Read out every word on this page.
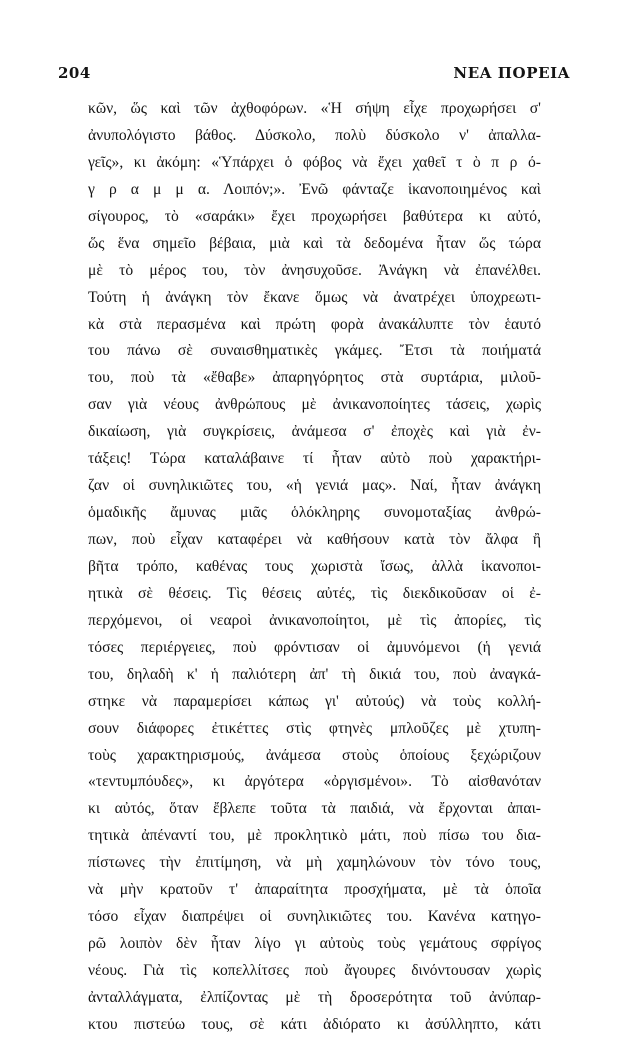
204	ΝΕΑ ΠΟΡΕΙΑ
κῶν, ὥς καὶ τῶν ἀχθοφόρων. «Ἡ σήψη εἶχε προχωρήσει σ'
ἀνυπολόγιστο βάθος. Δύσκολο, πολὺ δύσκολο ν' ἀπαλλα-
γεῖς», κι ἀκόμη: «Ὑπάρχει ὁ φόβος νὰ ἔχει χαθεῖ τ ὸ π ρ ό-
γ ρ α μ μ α. Λοιπόν;». Ἐνῶ φάνταζε ἱκανοποιημένος καὶ
σίγουρος, τὸ «σαράκι» ἔχει προχωρήσει βαθύτερα κι αὐτό,
ὥς ἕνα σημεῖο βέβαια, μιὰ καὶ τὰ δεδομένα ἦταν ὥς τώρα
μὲ τὸ μέρος του, τὸν ἀνησυχοῦσε. Ἀνάγκη νὰ ἐπανέλθει.
Τούτη ἡ ἀνάγκη τὸν ἔκανε ὅμως νὰ ἀνατρέχει ὑποχρεωτι-
κὰ στὰ περασμένα καὶ πρώτη φορὰ ἀνακάλυπτε τὸν ἑαυτό
του πάνω σὲ συναισθηματικὲς γκάμες. Ἔτσι τὰ ποιήματά
του, ποὺ τὰ «ἔθαβε» ἀπαρηγόρητος στὰ συρτάρια, μιλοῦ-
σαν γιὰ νέους ἀνθρώπους μὲ ἀνικανοποίητες τάσεις, χωρὶς
δικαίωση, γιὰ συγκρίσεις, ἀνάμεσα σ' ἐποχὲς καὶ γιὰ ἐν-
τάξεις! Τώρα καταλάβαινε τί ἦταν αὐτὸ ποὺ χαρακτήρι-
ζαν οἱ συνηλικιῶτες του, «ἡ γενιά μας». Ναί, ἦταν ἀνάγκη
ὁμαδικῆς ἄμυνας μιᾶς ὁλόκληρης συνομοταξίας ἀνθρώ-
πων, ποὺ εἶχαν καταφέρει νὰ καθήσουν κατὰ τὸν ἄλφα ἢ
βῆτα τρόπο, καθένας τους χωριστὰ ἴσως, ἀλλὰ ἱκανοποι-
ητικὰ σὲ θέσεις. Τὶς θέσεις αὐτές, τὶς διεκδικοῦσαν οἱ ἐ-
περχόμενοι, οἱ νεαροὶ ἀνικανοποίητοι, μὲ τὶς ἀπορίες, τὶς
τόσες περιέργειες, ποὺ φρόντισαν οἱ ἀμυνόμενοι (ἡ γενιά
του, δηλαδὴ κ' ἡ παλιότερη ἀπ' τὴ δικιά του, ποὺ ἀναγκά-
στηκε νὰ παραμερίσει κάπως γι' αὐτούς) νὰ τοὺς κολλή-
σουν διάφορες ἐτικέττες στὶς φτηνὲς μπλοῦζες μὲ χτυπη-
τοὺς χαρακτηρισμούς, ἀνάμεσα στοὺς ὁποίους ξεχώριζουν
«τεντυμπόυδες», κι ἀργότερα «ὀργισμένοι». Τὸ αἰσθανόταν
κι αὐτός, ὅταν ἔβλεπε τοῦτα τὰ παιδιά, νὰ ἔρχονται ἀπαι-
τητικὰ ἀπέναντί του, μὲ προκλητικὸ μάτι, ποὺ πίσω του δια-
πίστωνες τὴν ἐπιτίμηση, νὰ μὴ χαμηλώνουν τὸν τόνο τους,
νὰ μὴν κρατοῦν τ' ἀπαραίτητα προσχήματα, μὲ τὰ ὁποῖα
τόσο εἶχαν διαπρέψει οἱ συνηλικιῶτες του. Κανένα κατηγο-
ρῶ λοιπὸν δὲν ἦταν λίγο γι αὐτοὺς τοὺς γεμάτους σφρίγος
νέους. Γιὰ τὶς κοπελλίτσες ποὺ ἄγουρες δινόντουσαν χωρὶς
ἀνταλλάγματα, ἐλπίζοντας μὲ τὴ δροσερότητα τοῦ ἀνύπαρ-
κτου πιστεύω τους, σὲ κάτι ἀδιόρατο κι ἀσύλληπτο, κάτι
